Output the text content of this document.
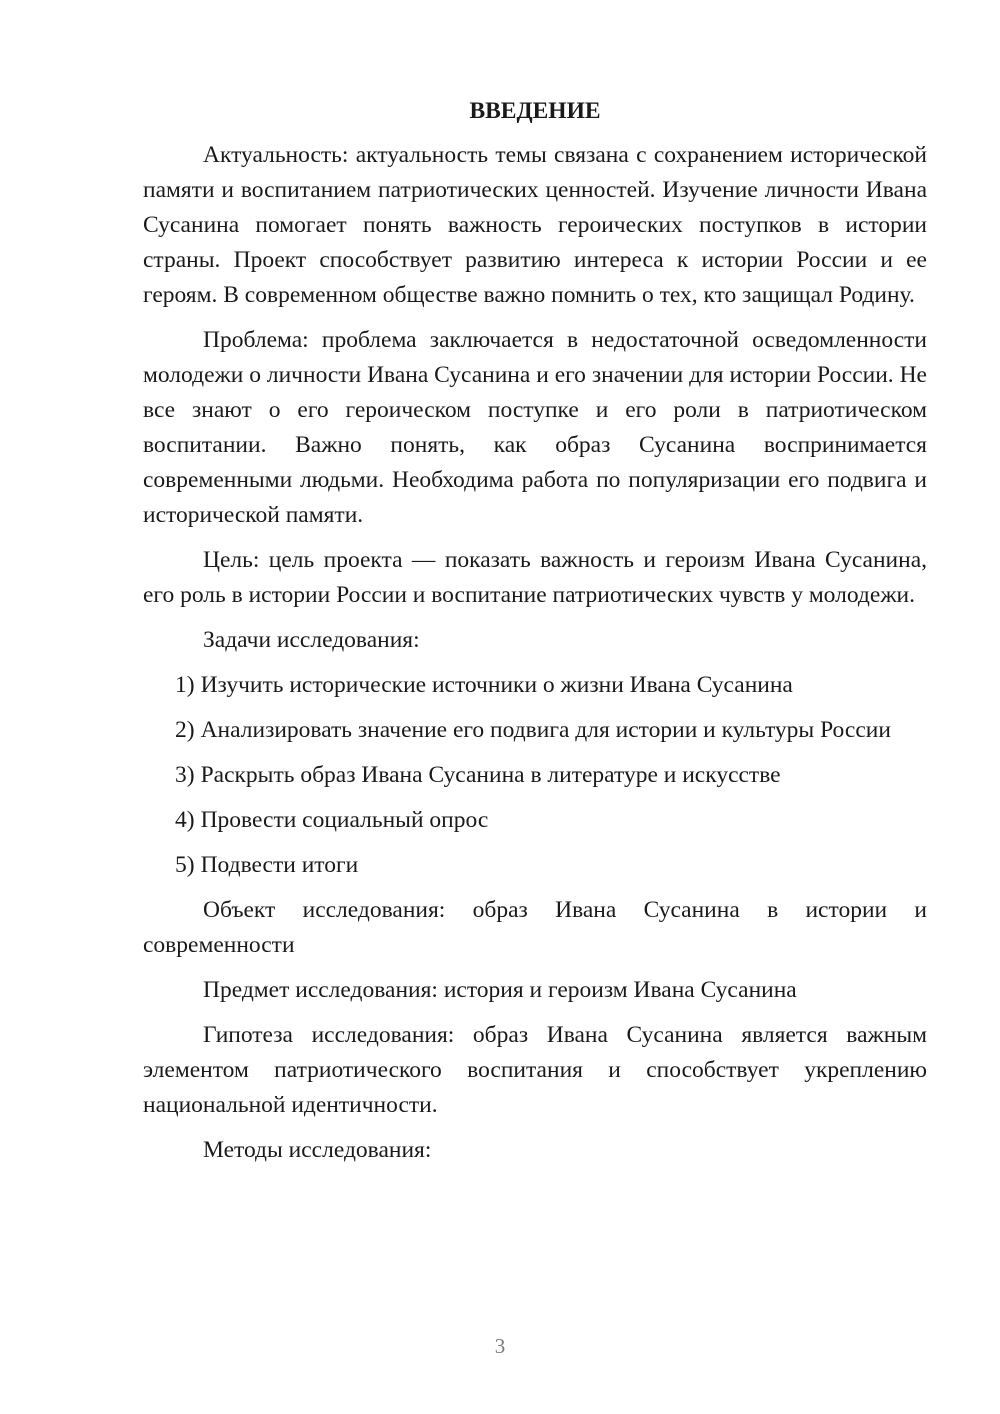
ВВЕДЕНИЕ

Актуальность: актуальность темы связана с сохранением исторической памяти и воспитанием патриотических ценностей. Изучение личности Ивана Сусанина помогает понять важность героических поступков в истории страны. Проект способствует развитию интереса к истории России и ее героям. В современном обществе важно помнить о тех, кто защищал Родину.

Проблема: проблема заключается в недостаточной осведомленности молодежи о личности Ивана Сусанина и его значении для истории России. Не все знают о его героическом поступке и его роли в патриотическом воспитании. Важно понять, как образ Сусанина воспринимается современными людьми. Необходима работа по популяризации его подвига и исторической памяти.

Цель: цель проекта — показать важность и героизм Ивана Сусанина, его роль в истории России и воспитание патриотических чувств у молодежи.

Задачи исследования:

1) Изучить исторические источники о жизни Ивана Сусанина

2) Анализировать значение его подвига для истории и культуры России

3) Раскрыть образ Ивана Сусанина в литературе и искусстве

4) Провести социальный опрос

5) Подвести итоги

Объект исследования: образ Ивана Сусанина в истории и современности

Предмет исследования: история и героизм Ивана Сусанина

Гипотеза исследования: образ Ивана Сусанина является важным элементом патриотического воспитания и способствует укреплению национальной идентичности.

Методы исследования:

3
